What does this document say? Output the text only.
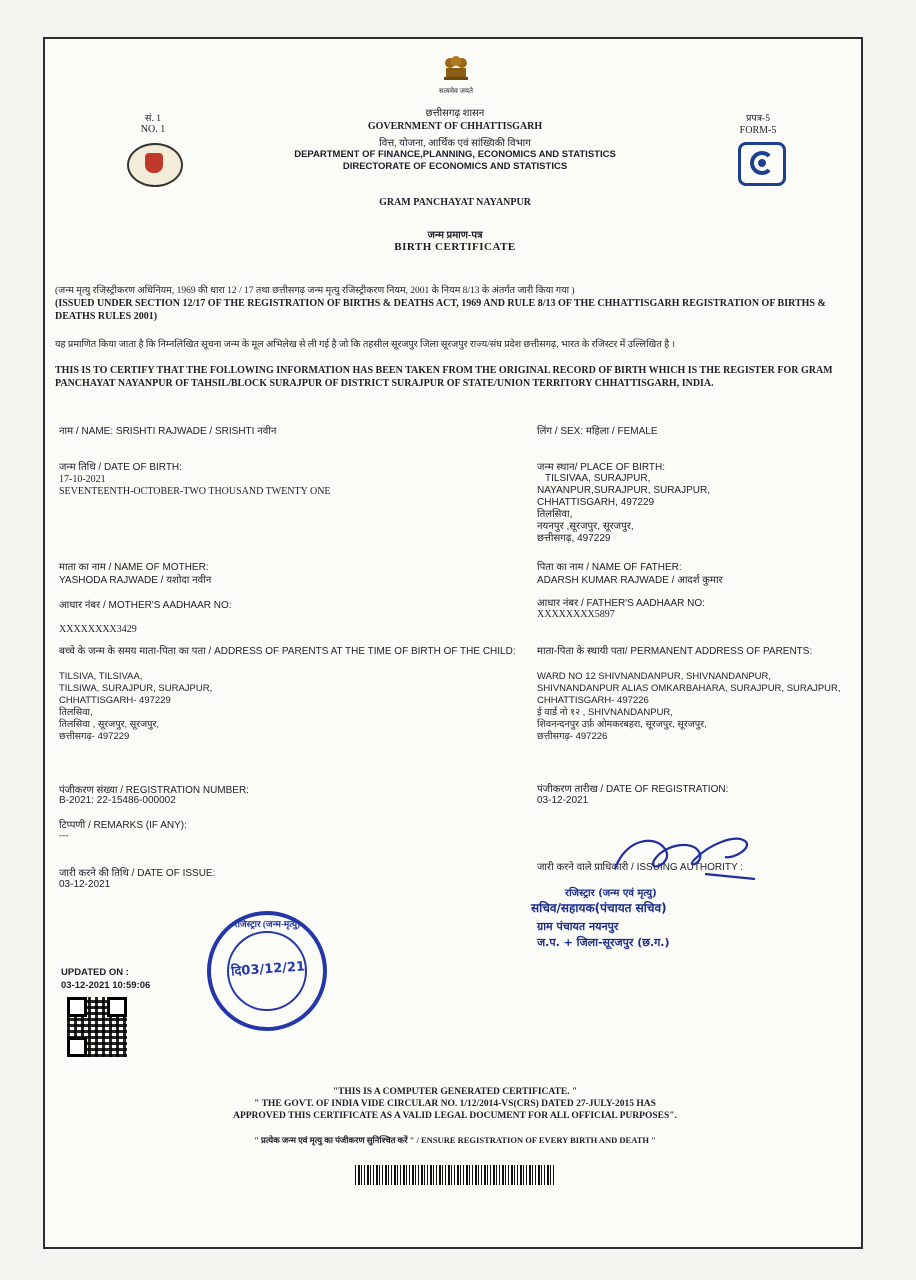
सं. 1
NO. 1
सत्यमेव जयते
छत्तीसगढ़ शासन
GOVERNMENT OF CHHATTISGARH
वित्त, योजना, आर्थिक एवं सांख्यिकी विभाग
DEPARTMENT OF FINANCE,PLANNING, ECONOMICS AND STATISTICS
DIRECTORATE OF ECONOMICS AND STATISTICS
प्रपत्र-5
FORM-5
GRAM PANCHAYAT NAYANPUR
जन्म प्रमाण-पत्र
BIRTH CERTIFICATE
(जन्म मृत्यु रजिस्ट्रीकरण अधिनियम, 1969 की धारा 12 / 17 तथा छत्तीसगढ़ जन्म मृत्यु रजिस्ट्रीकरण नियम, 2001 के नियम 8/13 के अंतर्गत जारी किया गया )
(ISSUED UNDER SECTION 12/17 OF THE REGISTRATION OF BIRTHS & DEATHS ACT, 1969 AND RULE 8/13 OF THE CHHATTISGARH REGISTRATION OF BIRTHS & DEATHS RULES 2001)
यह प्रमाणित किया जाता है कि निम्नलिखित सूचना जन्म के मूल अभिलेख से ली गई है जो कि तहसील सूरजपुर जिला सूरजपुर राज्य/संघ प्रदेश छत्तीसगढ़, भारत के रजिस्टर में उल्लिखित है ।
THIS IS TO CERTIFY THAT THE FOLLOWING INFORMATION HAS BEEN TAKEN FROM THE ORIGINAL RECORD OF BIRTH WHICH IS THE REGISTER FOR GRAM PANCHAYAT NAYANPUR OF TAHSIL/BLOCK SURAJPUR OF DISTRICT SURAJPUR OF STATE/UNION TERRITORY CHHATTISGARH, INDIA.
नाम / NAME: SRISHTI RAJWADE / SRISHTI नवीन
जन्म तिथि / DATE OF BIRTH:
17-10-2021
SEVENTEENTH-OCTOBER-TWO THOUSAND TWENTY ONE
माता का नाम / NAME OF MOTHER:
YASHODA RAJWADE / यशोदा नवीन
आधार नंबर / MOTHER'S AADHAAR NO:
XXXXXXXX3429
बच्चे के जन्म के समय माता-पिता का पता / ADDRESS OF PARENTS AT THE TIME OF BIRTH OF THE CHILD:
TILSIVA, TILSIVAA,
TILSIWA, SURAJPUR, SURAJPUR,
CHHATTISGARH- 497229
तिलसिवा,
तिलसिवा , सूरजपुर, सूरजपुर,
छत्तीसगढ़- 497229
पंजीकरण संख्या / REGISTRATION NUMBER:
B-2021: 22-15486-000002
टिप्पणी / REMARKS (IF ANY):
---
जारी करने की तिथि / DATE OF ISSUE:
03-12-2021
UPDATED ON :
03-12-2021 10:59:06
रजिस्ट्रार (जन्म-मृत्यु)
दि03/12/21
लिंग / SEX: महिला / FEMALE
जन्म स्थान/ PLACE OF BIRTH:
TILSIVAA, SURAJPUR,
NAYANPUR,SURAJPUR, SURAJPUR,
CHHATTISGARH, 497229
तिलसिवा,
नयनपुर ,सूरजपुर, सूरजपुर,
छत्तीसगढ़, 497229
पिता का नाम / NAME OF FATHER:
ADARSH KUMAR RAJWADE / आदर्श कुमार
आधार नंबर / FATHER'S AADHAAR NO:
XXXXXXXX5897
माता-पिता के स्थायी पता/ PERMANENT ADDRESS OF PARENTS:
WARD NO 12 SHIVNANDANPUR, SHIVNANDANPUR,
SHIVNANDANPUR ALIAS OMKARBAHARA, SURAJPUR, SURAJPUR,
CHHATTISGARH- 497226
ई वार्ड नो १२ , SHIVNANDANPUR,
शिवनन्दनपुर उर्फ़ ओमकरबहरा, सूरजपुर, सूरजपुर,
छत्तीसगढ़- 497226
पंजीकरण तारीख / DATE OF REGISTRATION:
03-12-2021
जारी करने वाले प्राधिकारी / ISSUING AUTHORITY :
रजिस्ट्रार (जन्म एवं मृत्यु)
सचिव/सहायक(पंचायत सचिव)
ग्राम पंचायत नयनपुर
ज.प. + जिला-सूरजपुर (छ.ग.)
"THIS IS A COMPUTER GENERATED CERTIFICATE. "
" THE GOVT. OF INDIA VIDE CIRCULAR NO. 1/12/2014-VS(CRS) DATED 27-JULY-2015 HAS
APPROVED THIS CERTIFICATE AS A VALID LEGAL DOCUMENT FOR ALL OFFICIAL PURPOSES".
" प्रत्येक जन्म एवं मृत्यु का पंजीकरण सुनिश्चित करें " / ENSURE REGISTRATION OF EVERY BIRTH AND DEATH "
